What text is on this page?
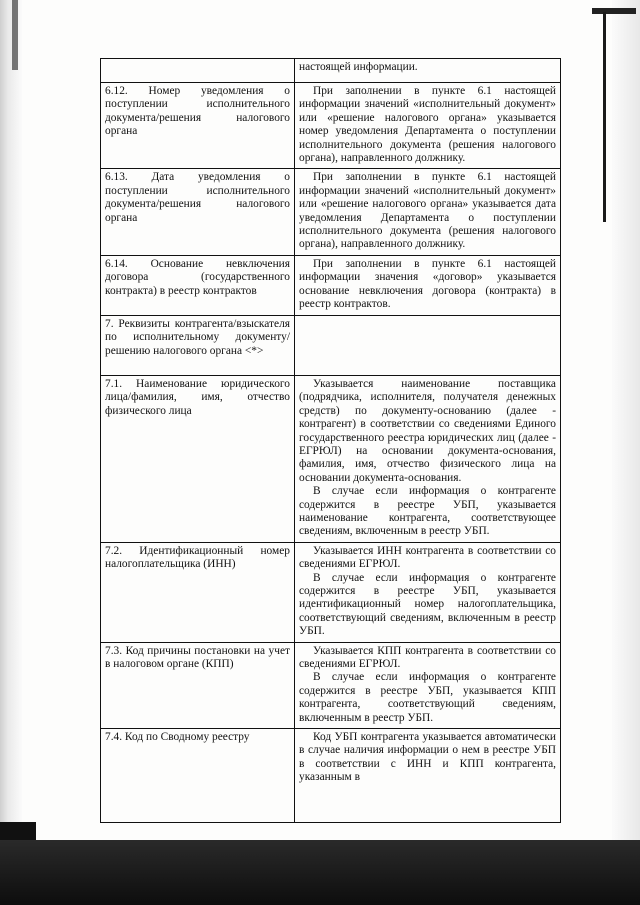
	настоящей информации.

6.12. Номер уведомления о поступлении исполнительного документа/решения налогового органа	При заполнении в пункте 6.1 настоящей информации значений «исполнительный документ» или «решение налогового органа» указывается номер уведомления Департамента о поступлении исполнительного документа (решения налогового органа), направленного должнику.

6.13. Дата уведомления о поступлении исполнительного документа/решения налогового органа	При заполнении в пункте 6.1 настоящей информации значений «исполнительный документ» или «решение налогового органа» указывается дата уведомления Департамента о поступлении исполнительного документа (решения налогового органа), направленного должнику.

6.14. Основание невключения договора (государственного контракта) в реестр контрактов	При заполнении в пункте 6.1 настоящей информации значения «договор» указывается основание невключения договора (контракта) в реестр контрактов.

7. Реквизиты контрагента/взыскателя по исполнительному документу/решению налогового органа <*>	
7.1. Наименование юридического лица/фамилия, имя, отчество физического лица	Указывается наименование поставщика (подрядчика, исполнителя, получателя денежных средств) по документу-основанию (далее - контрагент) в соответствии со сведениями Единого государственного реестра юридических лиц (далее - ЕГРЮЛ) на основании документа-основания, фамилия, имя, отчество физического лица на основании документа-основания.

В случае если информация о контрагенте содержится в реестре УБП, указывается наименование контрагента, соответствующее сведениям, включенным в реестр УБП.

7.2. Идентификационный номер налогоплательщика (ИНН)	Указывается ИНН контрагента в соответствии со сведениями ЕГРЮЛ.

В случае если информация о контрагенте содержится в реестре УБП, указывается идентификационный номер налогоплательщика, соответствующий сведениям, включенным в реестр УБП.

7.3. Код причины постановки на учет в налоговом органе (КПП)	Указывается КПП контрагента в соответствии со сведениями ЕГРЮЛ.

В случае если информация о контрагенте содержится в реестре УБП, указывается КПП контрагента, соответствующий сведениям, включенным в реестр УБП.

7.4. Код по Сводному реестру	Код УБП контрагента указывается автоматически в случае наличия информации о нем в реестре УБП в соответствии с ИНН и КПП контрагента, указанным в
